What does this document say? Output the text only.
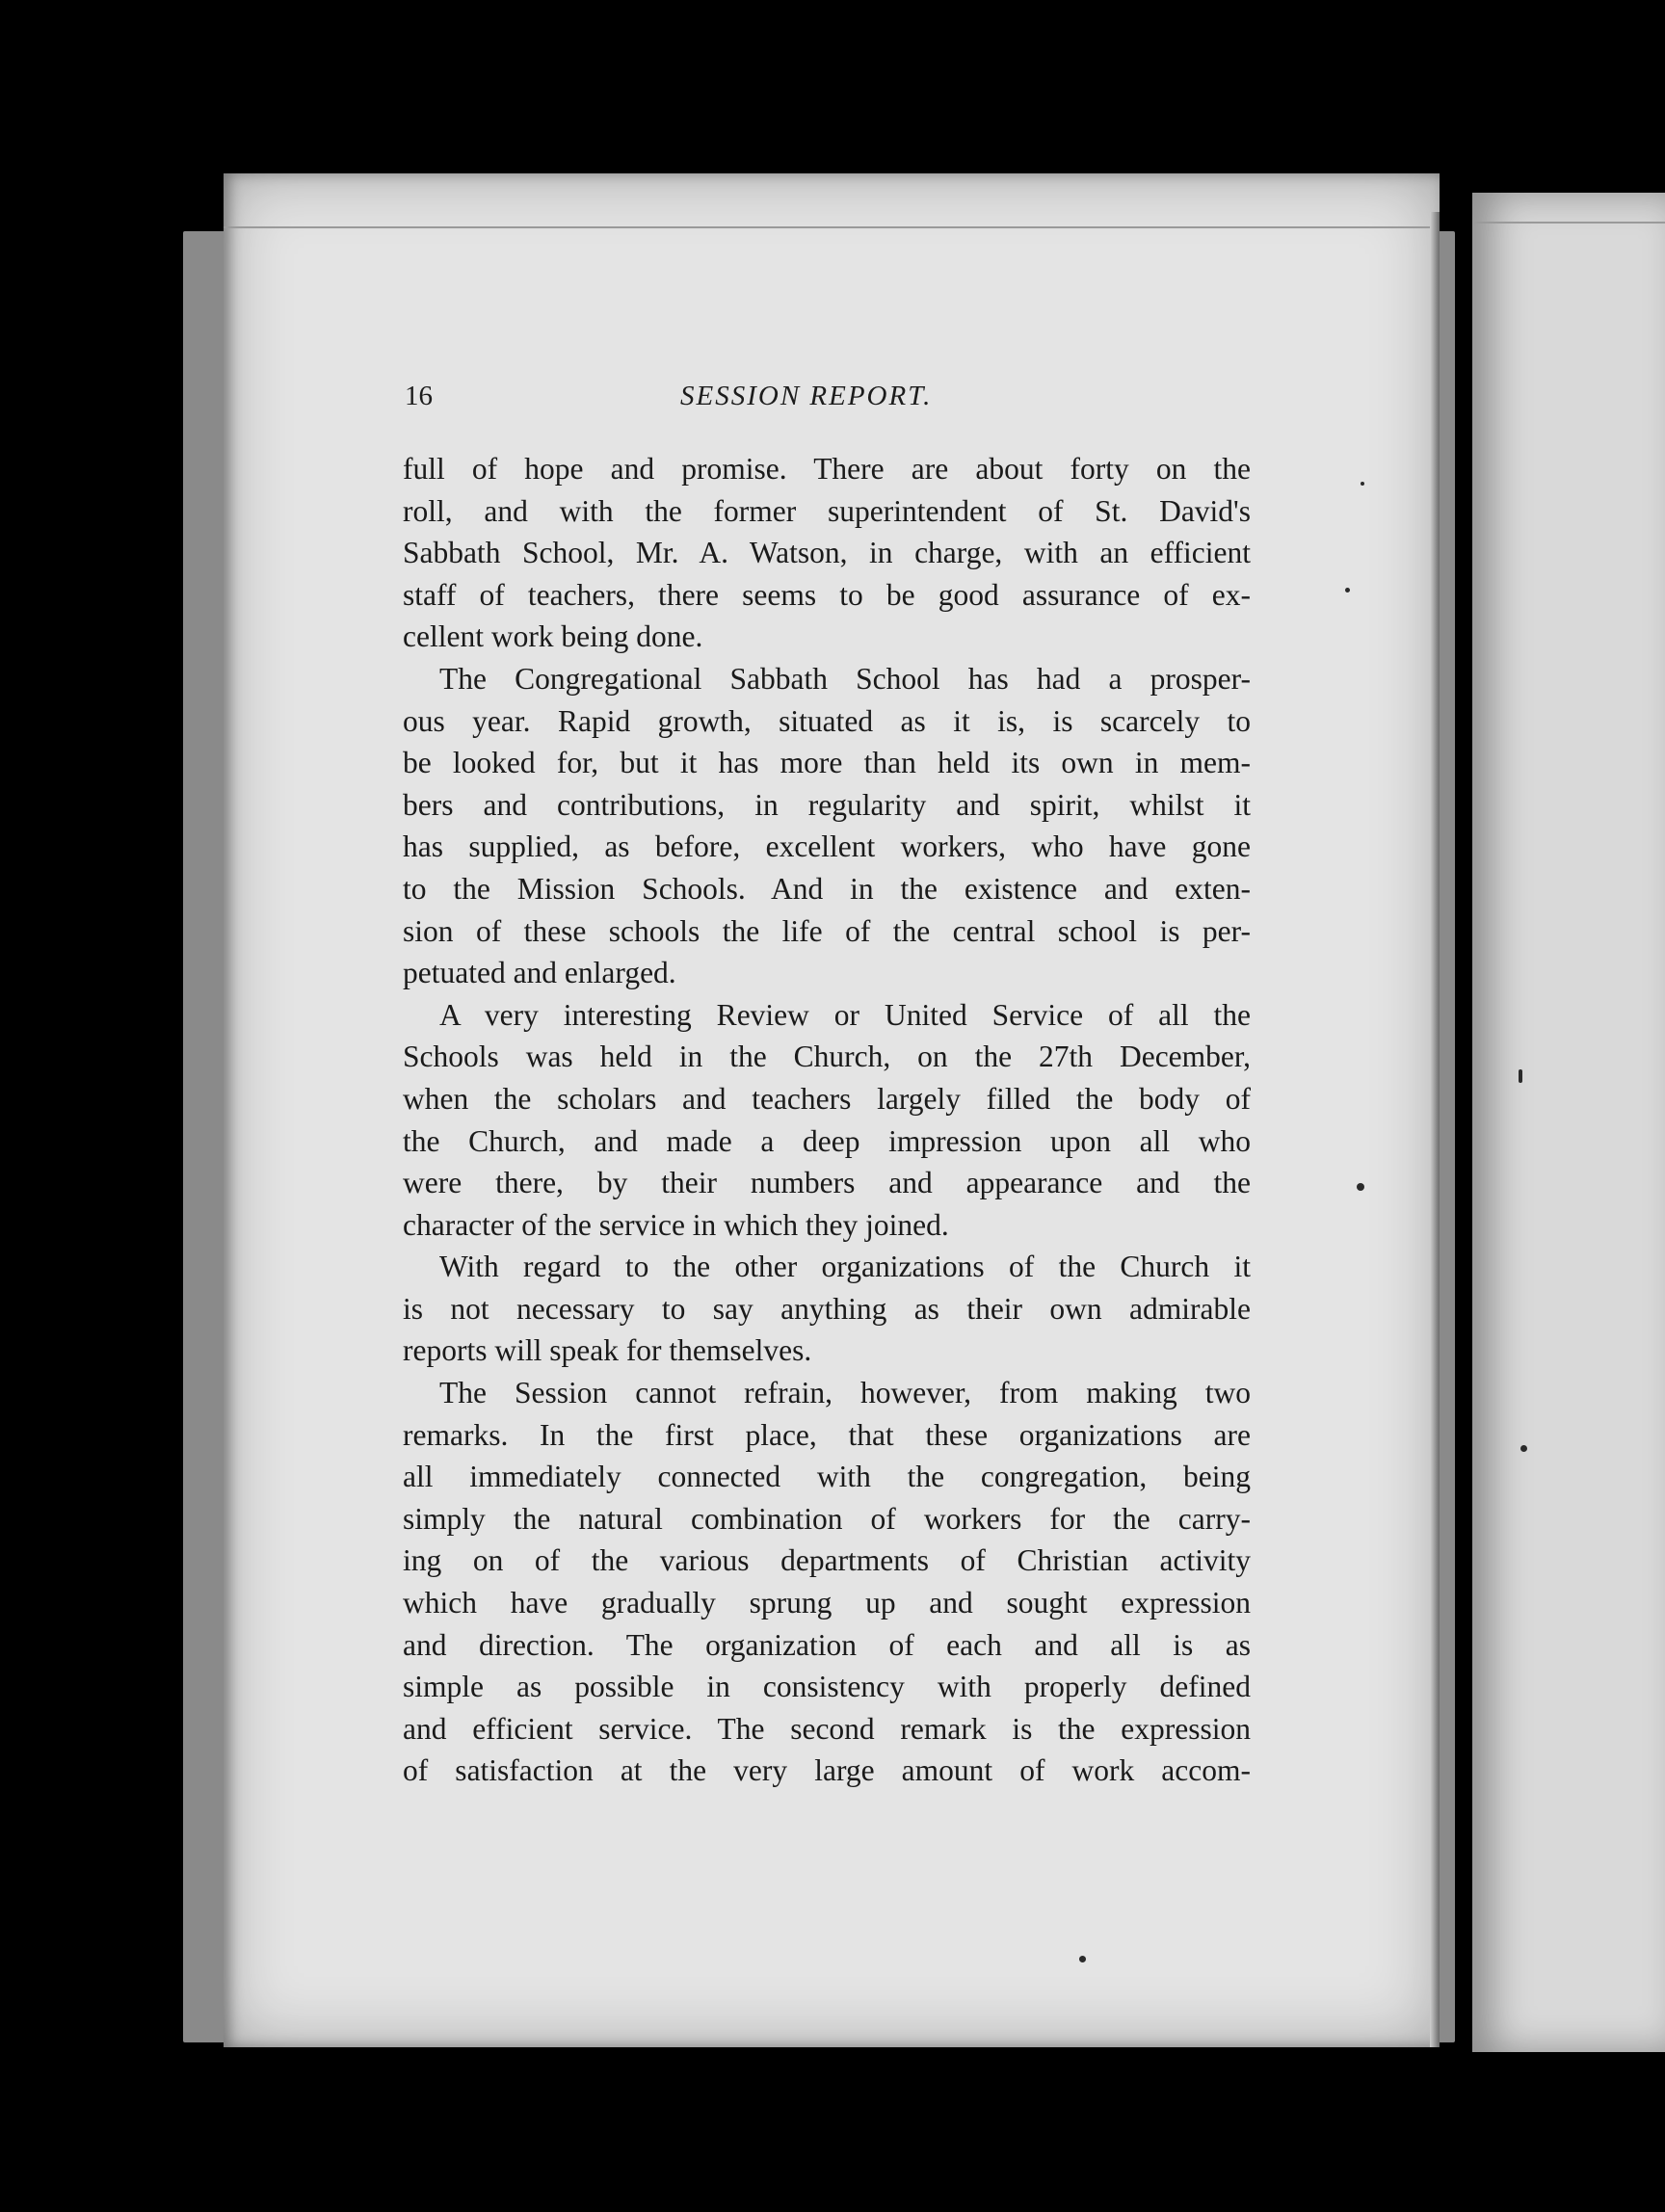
16	SESSION REPORT.
full of hope and promise. There are about forty on the
roll, and with the former superintendent of St. David's
Sabbath School, Mr. A. Watson, in charge, with an efficient
staff of teachers, there seems to be good assurance of ex-
cellent work being done.
The Congregational Sabbath School has had a prosper-
ous year. Rapid growth, situated as it is, is scarcely to
be looked for, but it has more than held its own in mem-
bers and contributions, in regularity and spirit, whilst it
has supplied, as before, excellent workers, who have gone
to the Mission Schools. And in the existence and exten-
sion of these schools the life of the central school is per-
petuated and enlarged.
A very interesting Review or United Service of all the
Schools was held in the Church, on the 27th December,
when the scholars and teachers largely filled the body of
the Church, and made a deep impression upon all who
were there, by their numbers and appearance and the
character of the service in which they joined.
With regard to the other organizations of the Church it
is not necessary to say anything as their own admirable
reports will speak for themselves.
The Session cannot refrain, however, from making two
remarks. In the first place, that these organizations are
all immediately connected with the congregation, being
simply the natural combination of workers for the carry-
ing on of the various departments of Christian activity
which have gradually sprung up and sought expression
and direction. The organization of each and all is as
simple as possible in consistency with properly defined
and efficient service. The second remark is the expression
of satisfaction at the very large amount of work accom-
